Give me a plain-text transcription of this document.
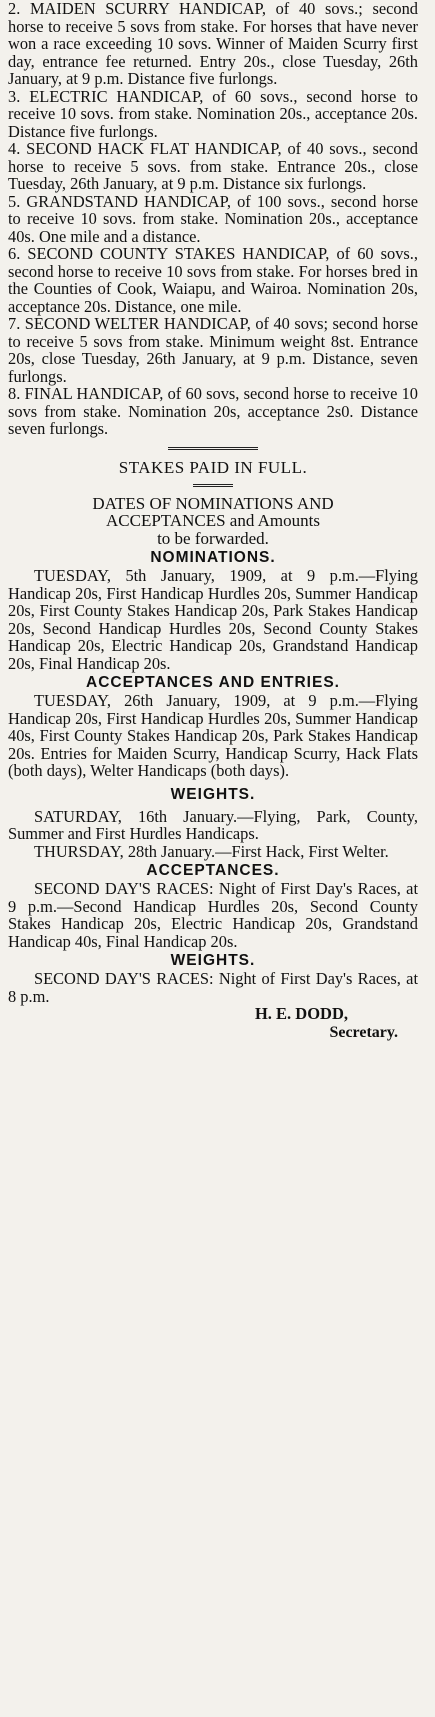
2. MAIDEN SCURRY HANDICAP, of 40 sovs.; second horse to receive 5 sovs from stake. For horses that have never won a race exceeding 10 sovs. Winner of Maiden Scurry first day, entrance fee returned. Entry 20s., close Tuesday, 26th January, at 9 p.m. Distance five furlongs.

3. ELECTRIC HANDICAP, of 60 sovs., second horse to receive 10 sovs. from stake. Nomination 20s., acceptance 20s. Distance five furlongs.

4. SECOND HACK FLAT HANDICAP, of 40 sovs., second horse to receive 5 sovs. from stake. Entrance 20s., close Tuesday, 26th January, at 9 p.m. Distance six furlongs.

5. GRANDSTAND HANDICAP, of 100 sovs., second horse to receive 10 sovs. from stake. Nomination 20s., acceptance 40s. One mile and a distance.

6. SECOND COUNTY STAKES HANDICAP, of 60 sovs., second horse to receive 10 sovs from stake. For horses bred in the Counties of Cook, Waiapu, and Wairoa. Nomination 20s, acceptance 20s. Distance, one mile.

7. SECOND WELTER HANDICAP, of 40 sovs; second horse to receive 5 sovs from stake. Minimum weight 8st. Entrance 20s, close Tuesday, 26th January, at 9 p.m. Distance, seven furlongs.

8. FINAL HANDICAP, of 60 sovs, second horse to receive 10 sovs from stake. Nomination 20s, acceptance 2s0. Distance seven furlongs.

STAKES PAID IN FULL.

DATES OF NOMINATIONS AND
ACCEPTANCES and Amounts
to be forwarded.

NOMINATIONS.

TUESDAY, 5th January, 1909, at 9 p.m.—Flying Handicap 20s, First Handicap Hurdles 20s, Summer Handicap 20s, First County Stakes Handicap 20s, Park Stakes Handicap 20s, Second Handicap Hurdles 20s, Second County Stakes Handicap 20s, Electric Handicap 20s, Grandstand Handicap 20s, Final Handicap 20s.

ACCEPTANCES AND ENTRIES.

TUESDAY, 26th January, 1909, at 9 p.m.—Flying Handicap 20s, First Handicap Hurdles 20s, Summer Handicap 40s, First County Stakes Handicap 20s, Park Stakes Handicap 20s. Entries for Maiden Scurry, Handicap Scurry, Hack Flats (both days), Welter Handicaps (both days).

WEIGHTS.

SATURDAY, 16th January.—Flying, Park, County, Summer and First Hurdles Handicaps.

THURSDAY, 28th January.—First Hack, First Welter.

ACCEPTANCES.

SECOND DAY'S RACES: Night of First Day's Races, at 9 p.m.—Second Handicap Hurdles 20s, Second County Stakes Handicap 20s, Electric Handicap 20s, Grandstand Handicap 40s, Final Handicap 20s.

WEIGHTS.

SECOND DAY'S RACES: Night of First Day's Races, at 8 p.m.

H. E. DODD,

Secretary.
